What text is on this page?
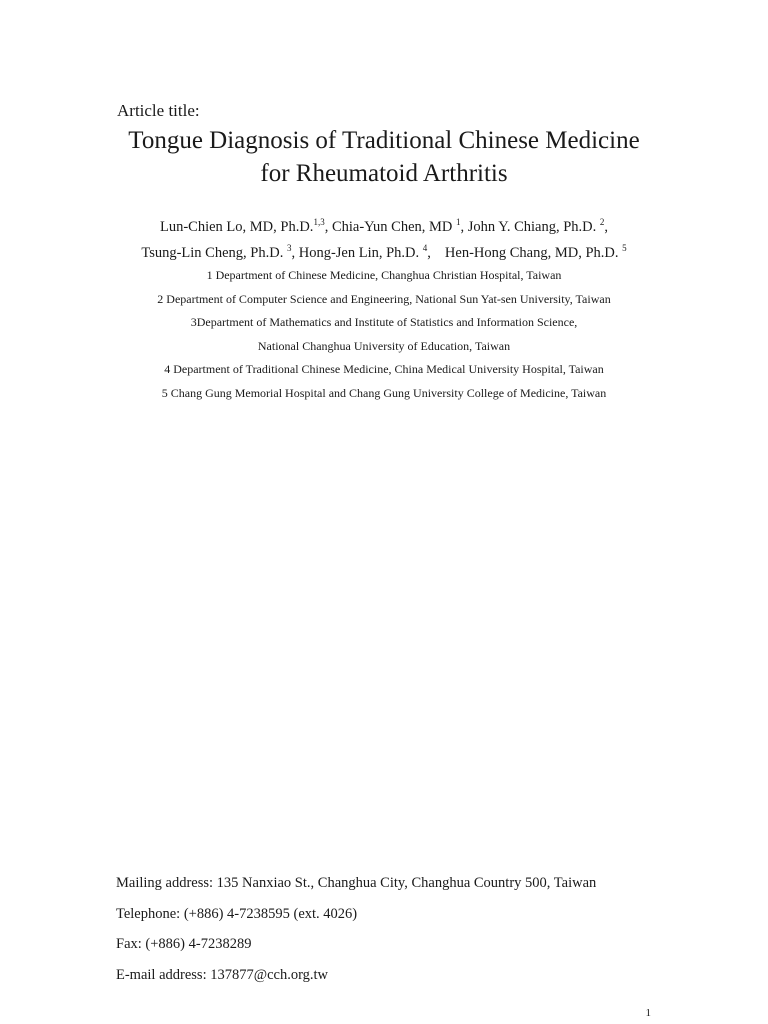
Article title:
Tongue Diagnosis of Traditional Chinese Medicine
for Rheumatoid Arthritis
Lun-Chien Lo, MD, Ph.D.$^{1,3}$, Chia-Yun Chen, MD $^1$, John Y. Chiang, Ph.D. $^2$,
Tsung-Lin Cheng, Ph.D. $^3$, Hong-Jen Lin, Ph.D. $^4$, Hen-Hong Chang, MD, Ph.D. $^5$
1 Department of Chinese Medicine, Changhua Christian Hospital, Taiwan
2 Department of Computer Science and Engineering, National Sun Yat-sen University, Taiwan
3Department of Mathematics and Institute of Statistics and Information Science,
National Changhua University of Education, Taiwan
4 Department of Traditional Chinese Medicine, China Medical University Hospital, Taiwan
5 Chang Gung Memorial Hospital and Chang Gung University College of Medicine, Taiwan
Mailing address: 135 Nanxiao St., Changhua City, Changhua Country 500, Taiwan
Telephone: (+886) 4-7238595 (ext. 4026)
Fax: (+886) 4-7238289
E-mail address: 137877@cch.org.tw
1
